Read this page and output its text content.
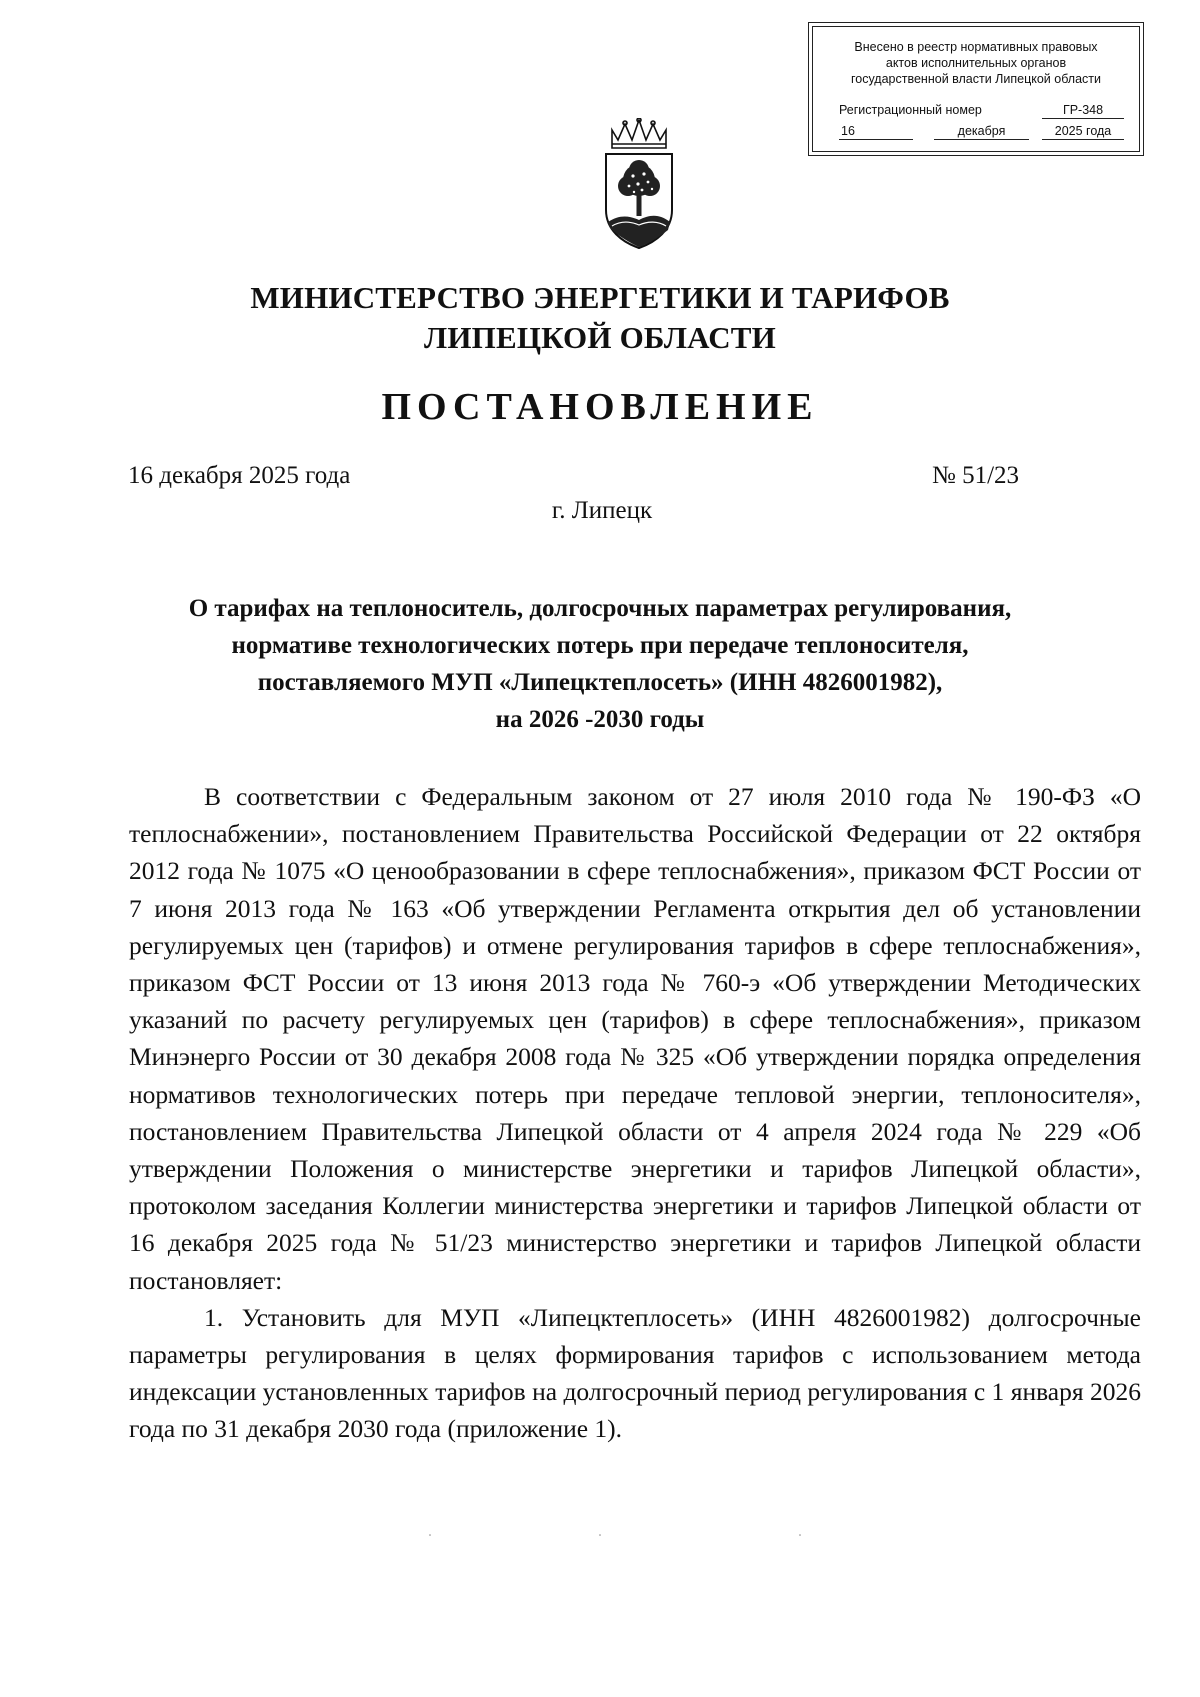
Внесено в реестр нормативных правовых
актов исполнительных органов
государственной власти Липецкой области
Регистрационный номер	ГР-348
16	декабря	2025 года
МИНИСТЕРСТВО ЭНЕРГЕТИКИ И ТАРИФОВ
ЛИПЕЦКОЙ ОБЛАСТИ
ПОСТАНОВЛЕНИЕ
16 декабря 2025 года	№ 51/23
г. Липецк
О тарифах на теплоноситель, долгосрочных параметрах регулирования,
нормативе технологических потерь при передаче теплоносителя,
поставляемого МУП «Липецктеплосеть» (ИНН 4826001982),
на 2026 -2030 годы

В соответствии с Федеральным законом от 27 июля 2010 года № 190-ФЗ «О теплоснабжении», постановлением Правительства Российской Федерации от 22 октября 2012 года № 1075 «О ценообразовании в сфере теплоснабжения», приказом ФСТ России от 7 июня 2013 года № 163 «Об утверждении Регламента открытия дел об установлении регулируемых цен (тарифов) и отмене регулирования тарифов в сфере теплоснабжения», приказом ФСТ России от 13 июня 2013 года № 760-э «Об утверждении Методических указаний по расчету регулируемых цен (тарифов) в сфере теплоснабжения», приказом Минэнерго России от 30 декабря 2008 года № 325 «Об утверждении порядка определения нормативов технологических потерь при передаче тепловой энергии, теплоносителя», постановлением Правительства Липецкой области от 4 апреля 2024 года № 229 «Об утверждении Положения о министерстве энергетики и тарифов Липецкой области», протоколом заседания Коллегии министерства энергетики и тарифов Липецкой области от 16 декабря 2025 года № 51/23 министерство энергетики и тарифов Липецкой области постановляет:

1. Установить для МУП «Липецктеплосеть» (ИНН 4826001982) долгосрочные параметры регулирования в целях формирования тарифов с использованием метода индексации установленных тарифов на долгосрочный период регулирования с 1 января 2026 года по 31 декабря 2030 года (приложение 1).
